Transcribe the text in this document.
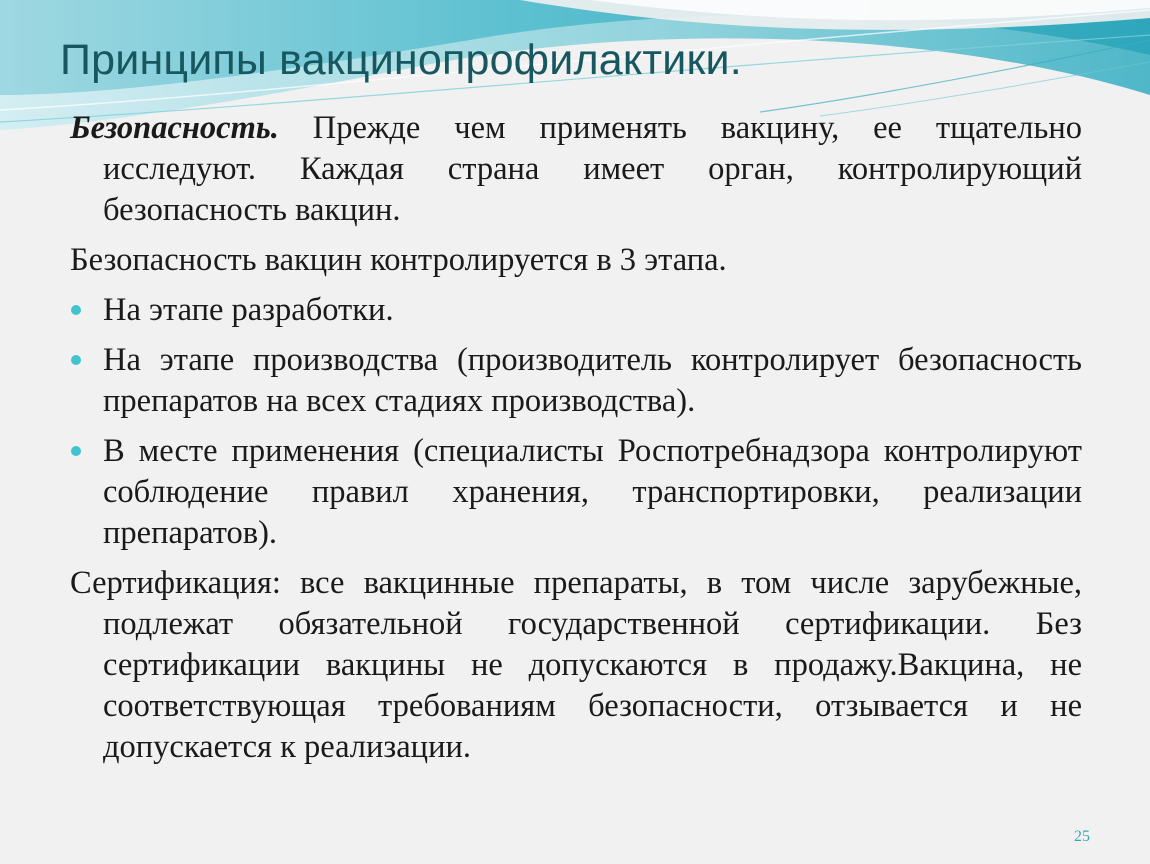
Принципы вакцинопрофилактики.

Безопасность. Прежде чем применять вакцину, ее тщательно исследуют. Каждая страна имеет орган, контролирующий безопасность вакцин.

Безопасность вакцин контролируется в 3 этапа.

На этапе разработки.
На этапе производства (производитель контролирует безопасность препаратов на всех стадиях производства).
В месте применения (специалисты Роспотребнадзора контролируют соблюдение правил хранения, транспортировки, реализации препаратов).

Сертификация: все вакцинные препараты, в том числе зарубежные, подлежат обязательной государственной сертификации. Без сертификации вакцины не допускаются в продажу.Вакцина, не соответствующая требованиям безопасности, отзывается и не допускается к реализации.

25
